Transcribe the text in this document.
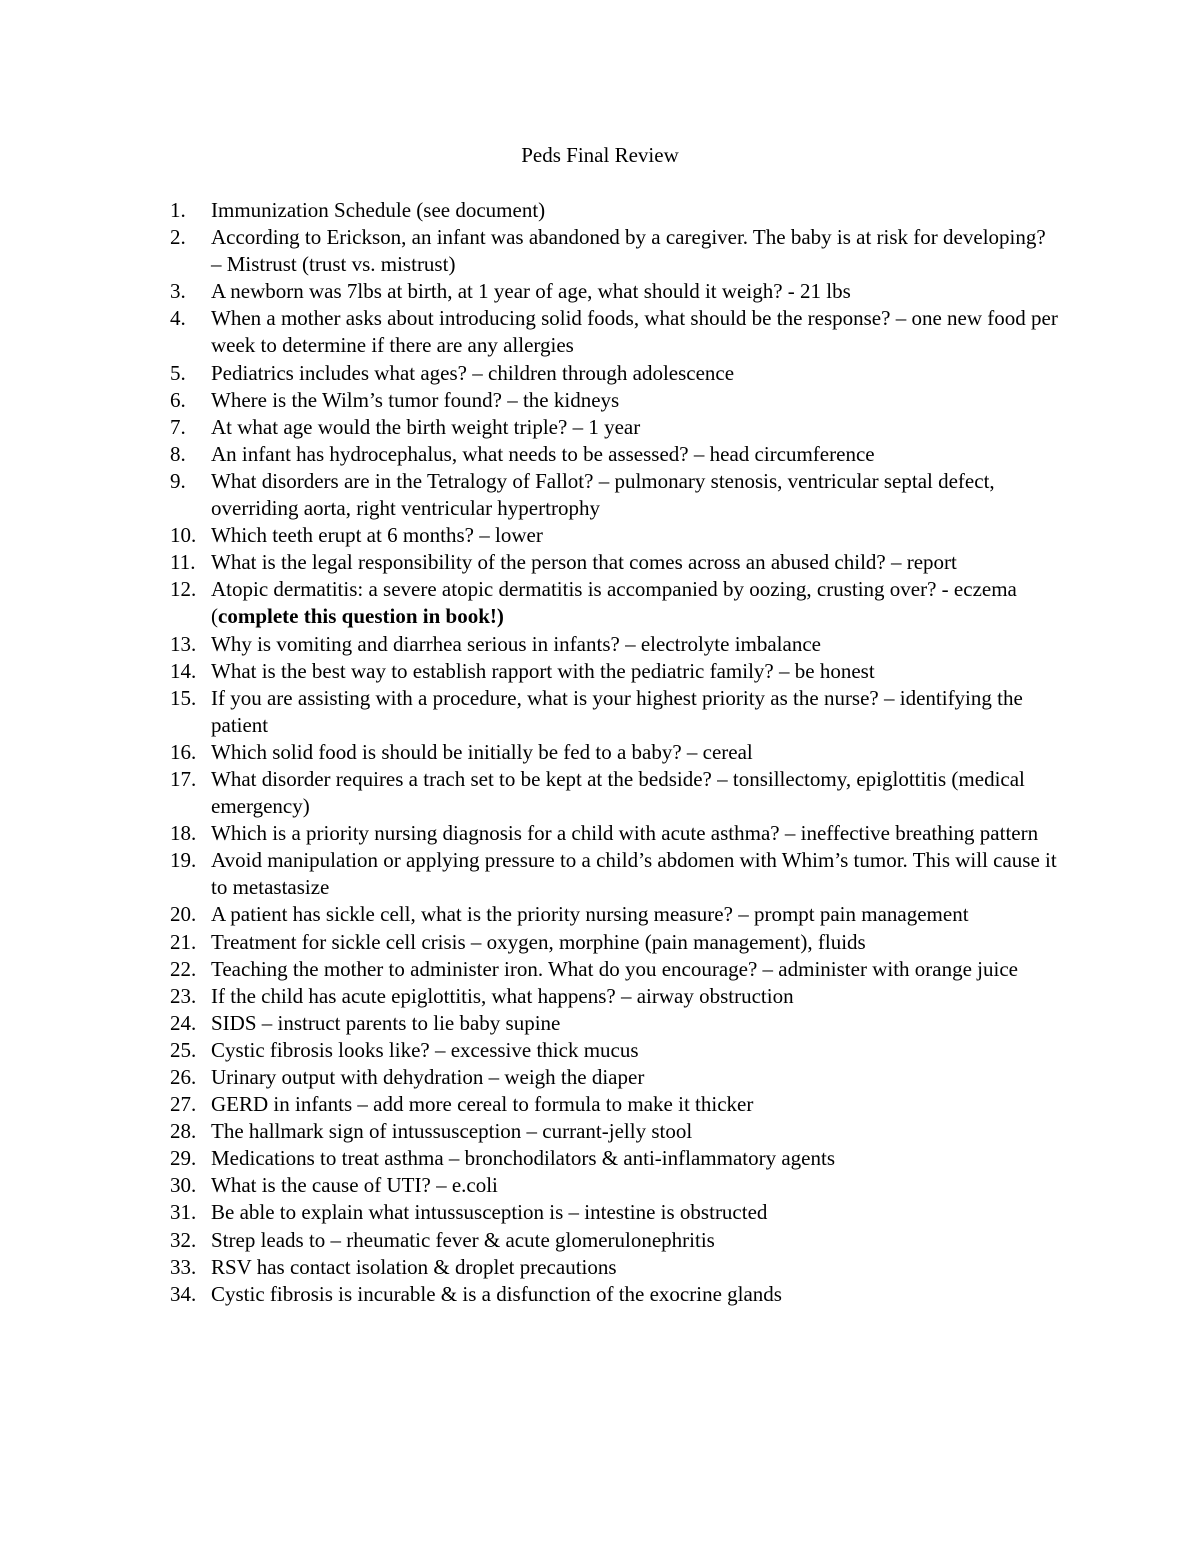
Peds Final Review
1.	Immunization Schedule (see document)
2.	According to Erickson, an infant was abandoned by a caregiver. The baby is at risk for developing? – Mistrust (trust vs. mistrust)
3.	A newborn was 7lbs at birth, at 1 year of age, what should it weigh? - 21 lbs
4.	When a mother asks about introducing solid foods, what should be the response? – one new food per week to determine if there are any allergies
5.	Pediatrics includes what ages? – children through adolescence
6.	Where is the Wilm’s tumor found? – the kidneys
7.	At what age would the birth weight triple? – 1 year
8.	An infant has hydrocephalus, what needs to be assessed? – head circumference
9.	What disorders are in the Tetralogy of Fallot? – pulmonary stenosis, ventricular septal defect, overriding aorta, right ventricular hypertrophy
10. Which teeth erupt at 6 months? – lower
11. What is the legal responsibility of the person that comes across an abused child? – report
12. Atopic dermatitis: a severe atopic dermatitis is accompanied by oozing, crusting over? - eczema (complete this question in book!)
13. Why is vomiting and diarrhea serious in infants? – electrolyte imbalance
14. What is the best way to establish rapport with the pediatric family? – be honest
15. If you are assisting with a procedure, what is your highest priority as the nurse? – identifying the patient
16. Which solid food is should be initially be fed to a baby? – cereal
17. What disorder requires a trach set to be kept at the bedside? – tonsillectomy, epiglottitis (medical emergency)
18. Which is a priority nursing diagnosis for a child with acute asthma? – ineffective breathing pattern
19. Avoid manipulation or applying pressure to a child’s abdomen with Whim’s tumor. This will cause it to metastasize
20. A patient has sickle cell, what is the priority nursing measure? – prompt pain management
21. Treatment for sickle cell crisis – oxygen, morphine (pain management), fluids
22. Teaching the mother to administer iron. What do you encourage? – administer with orange juice
23. If the child has acute epiglottitis, what happens? – airway obstruction
24. SIDS – instruct parents to lie baby supine
25. Cystic fibrosis looks like? – excessive thick mucus
26. Urinary output with dehydration – weigh the diaper
27. GERD in infants – add more cereal to formula to make it thicker
28. The hallmark sign of intussusception – currant-jelly stool
29. Medications to treat asthma – bronchodilators & anti-inflammatory agents
30. What is the cause of UTI? – e.coli
31. Be able to explain what intussusception is – intestine is obstructed
32. Strep leads to – rheumatic fever & acute glomerulonephritis
33. RSV has contact isolation & droplet precautions
34. Cystic fibrosis is incurable & is a disfunction of the exocrine glands
